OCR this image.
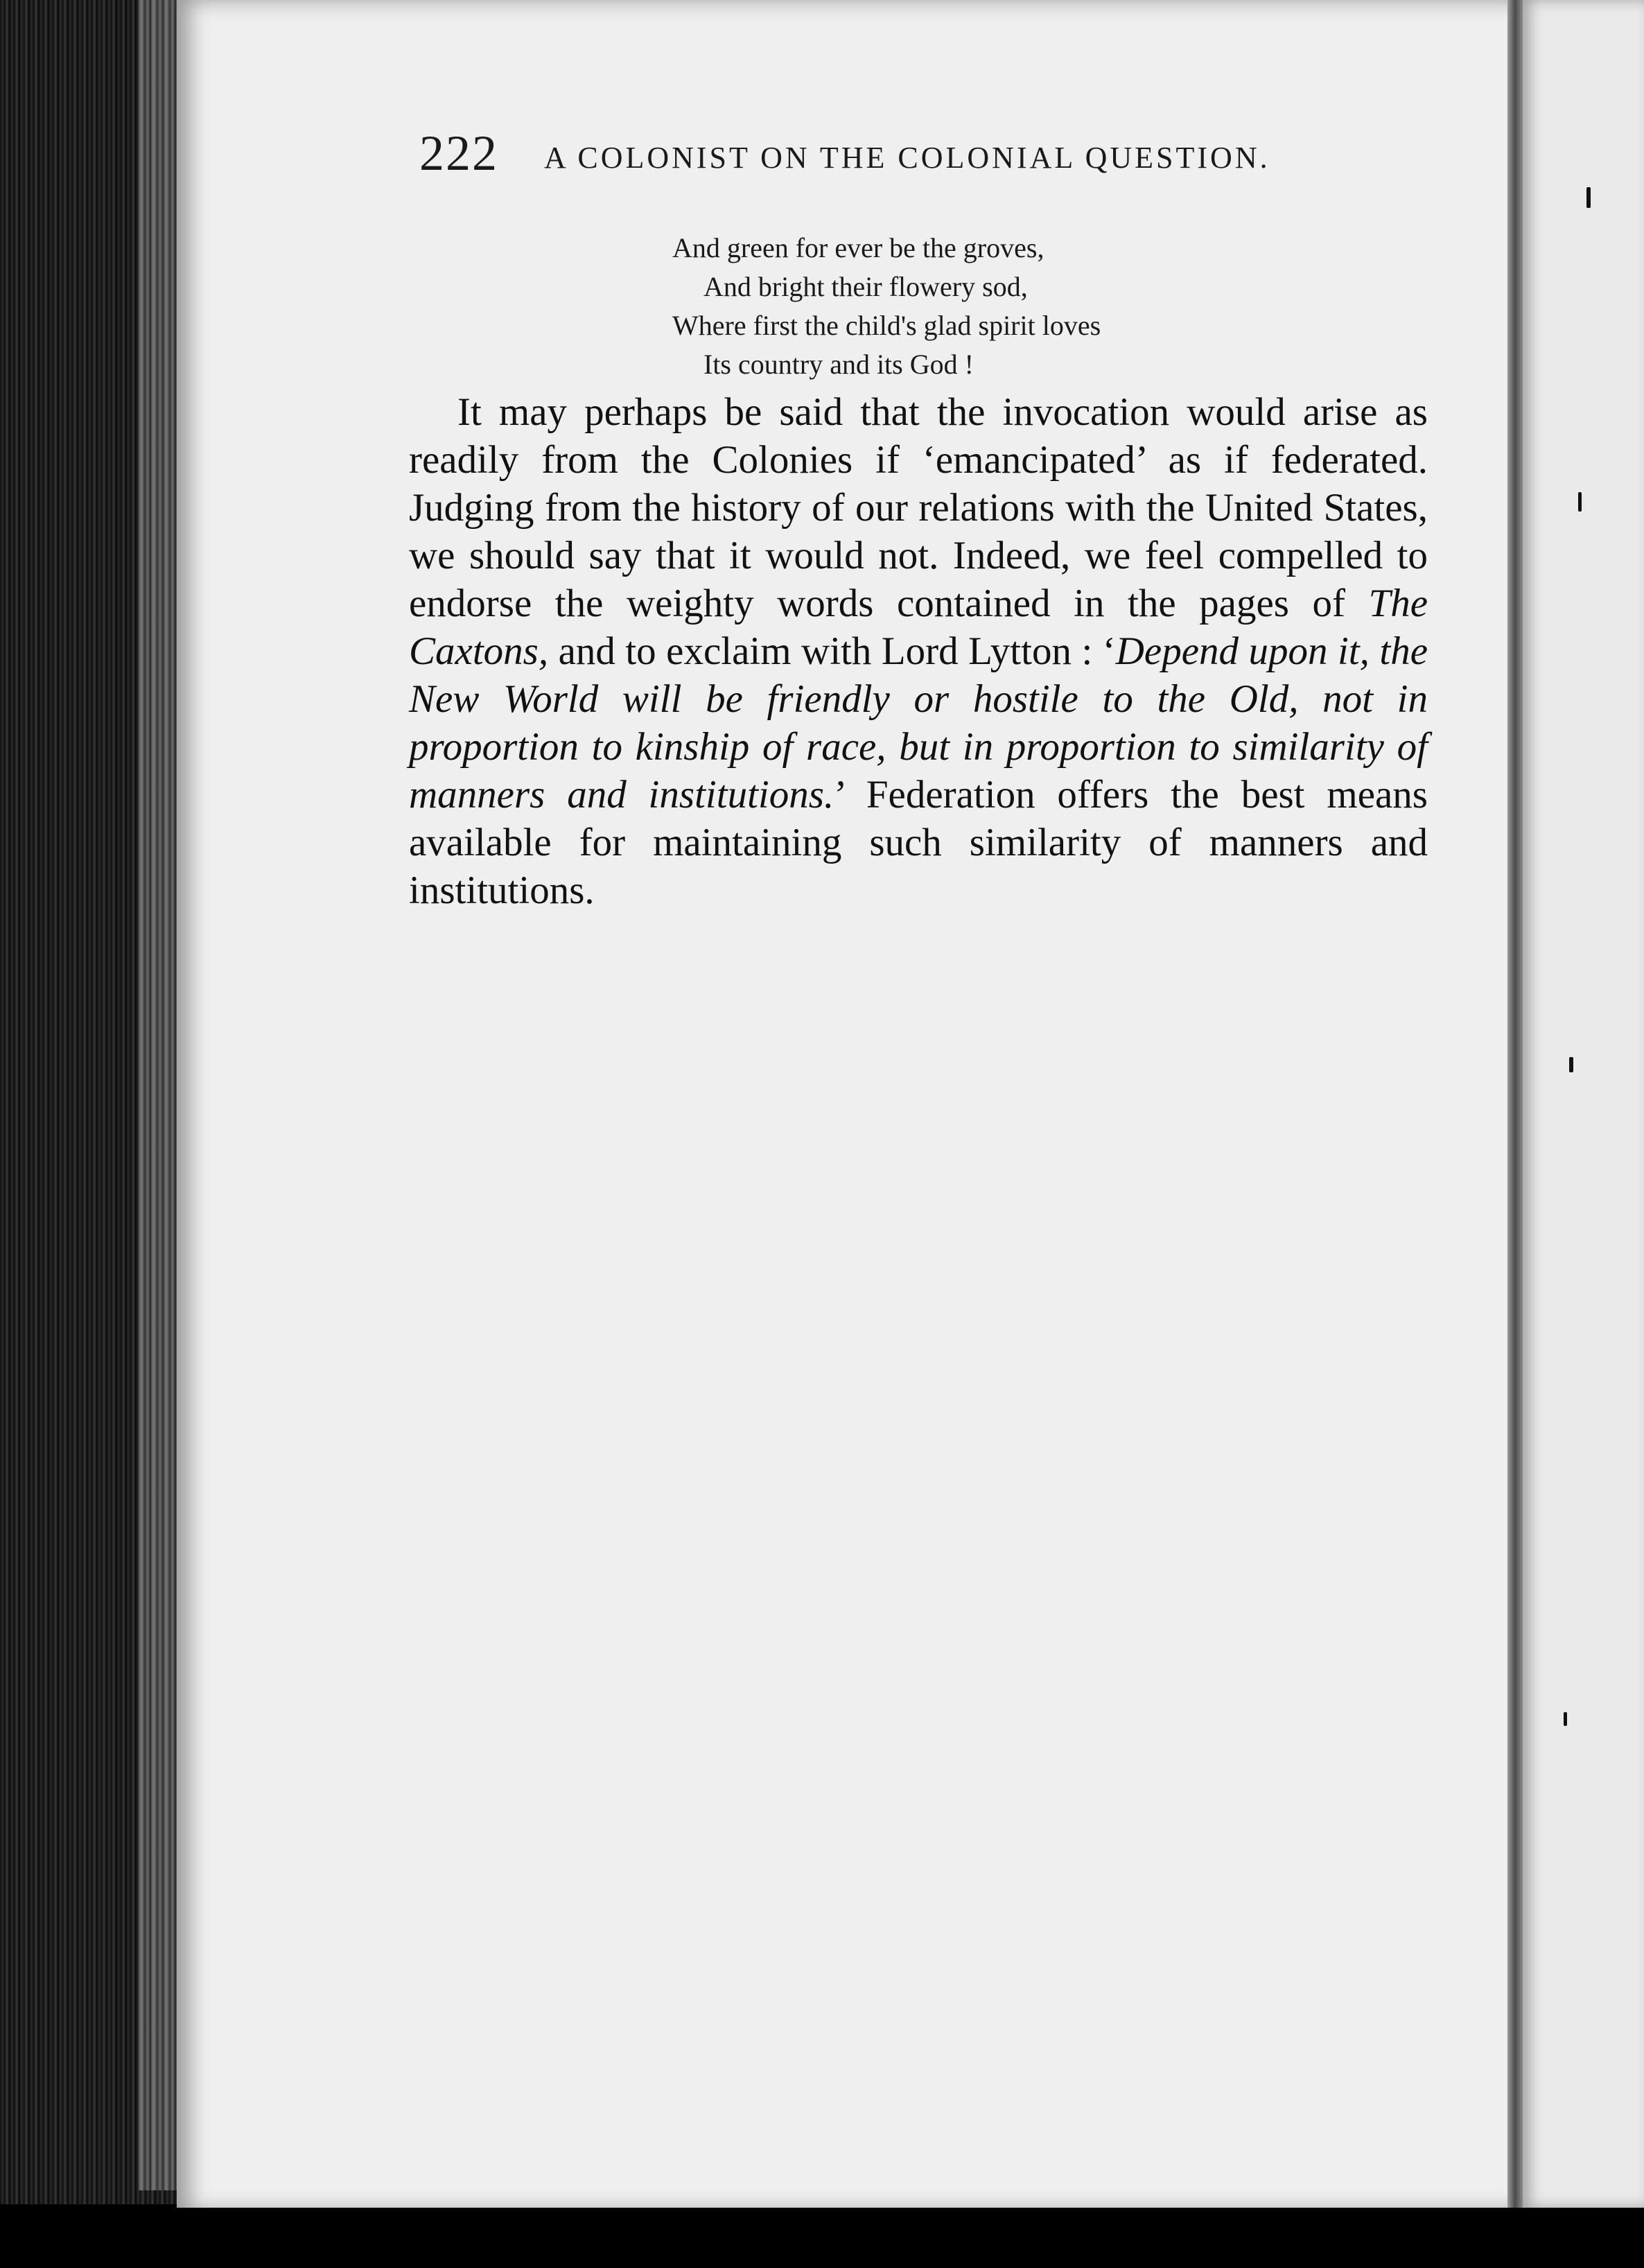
222 A COLONIST ON THE COLONIAL QUESTION.
And green for ever be the groves,
And bright their flowery sod,
Where first the child's glad spirit loves
Its country and its God !

It may perhaps be said that the invocation would arise as readily from the Colonies if ‘emancipated’ as if federated. Judging from the history of our relations with the United States, we should say that it would not. Indeed, we feel compelled to endorse the weighty words contained in the pages of The Caxtons, and to exclaim with Lord Lytton : ‘Depend upon it, the New World will be friendly or hostile to the Old, not in proportion to kinship of race, but in proportion to similarity of manners and institutions.’ Federation offers the best means available for maintaining such similarity of manners and institutions.
